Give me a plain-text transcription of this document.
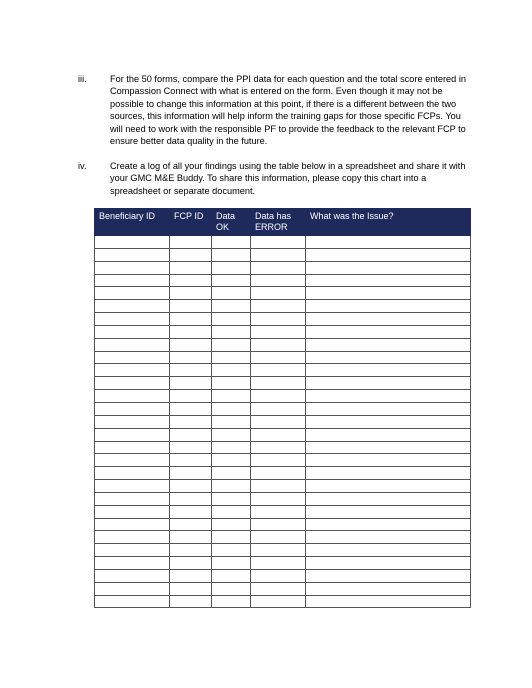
iii.	For the 50 forms, compare the PPI data for each question and the total score entered in Compassion Connect with what is entered on the form. Even though it may not be possible to change this information at this point, if there is a different between the two sources, this information will help inform the training gaps for those specific FCPs. You will need to work with the responsible PF to provide the feedback to the relevant FCP to ensure better data quality in the future.
iv.	Create a log of all your findings using the table below in a spreadsheet and share it with your GMC M&E Buddy. To share this information, please copy this chart into a spreadsheet or separate document.
Beneficiary ID	FCP ID	Data OK	Data has ERROR	What was the Issue?
